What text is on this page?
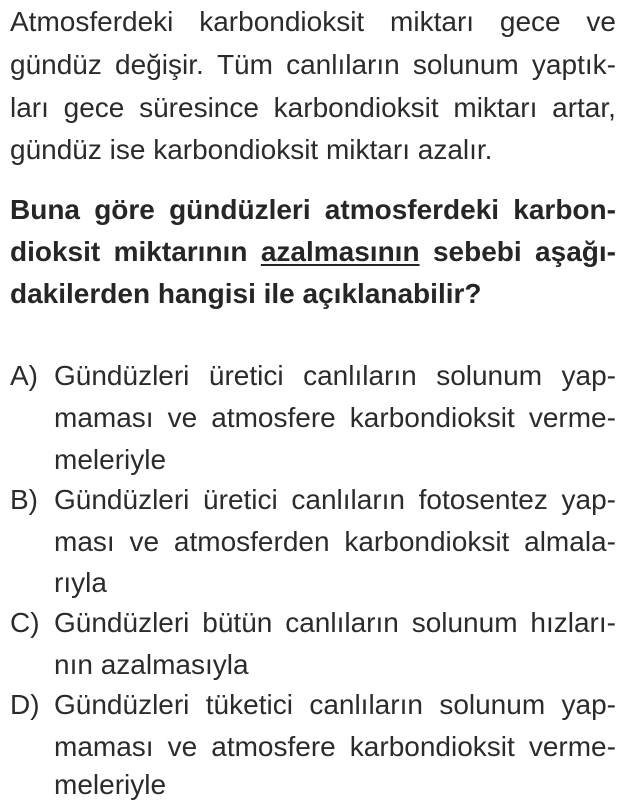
Atmosferdeki karbondioksit miktarı gece ve
gündüz değişir. Tüm canlıların solunum yaptık-
ları gece süresince karbondioksit miktarı artar,
gündüz ise karbondioksit miktarı azalır.
Buna göre gündüzleri atmosferdeki karbon-
dioksit miktarının azalmasının sebebi aşağı-
dakilerden hangisi ile açıklanabilir?
A) Gündüzleri üretici canlıların solunum yap-
maması ve atmosfere karbondioksit verme-
meleriyle
B) Gündüzleri üretici canlıların fotosentez yap-
ması ve atmosferden karbondioksit almala-
rıyla
C) Gündüzleri bütün canlıların solunum hızları-
nın azalmasıyla
D) Gündüzleri tüketici canlıların solunum yap-
maması ve atmosfere karbondioksit verme-
meleriyle
